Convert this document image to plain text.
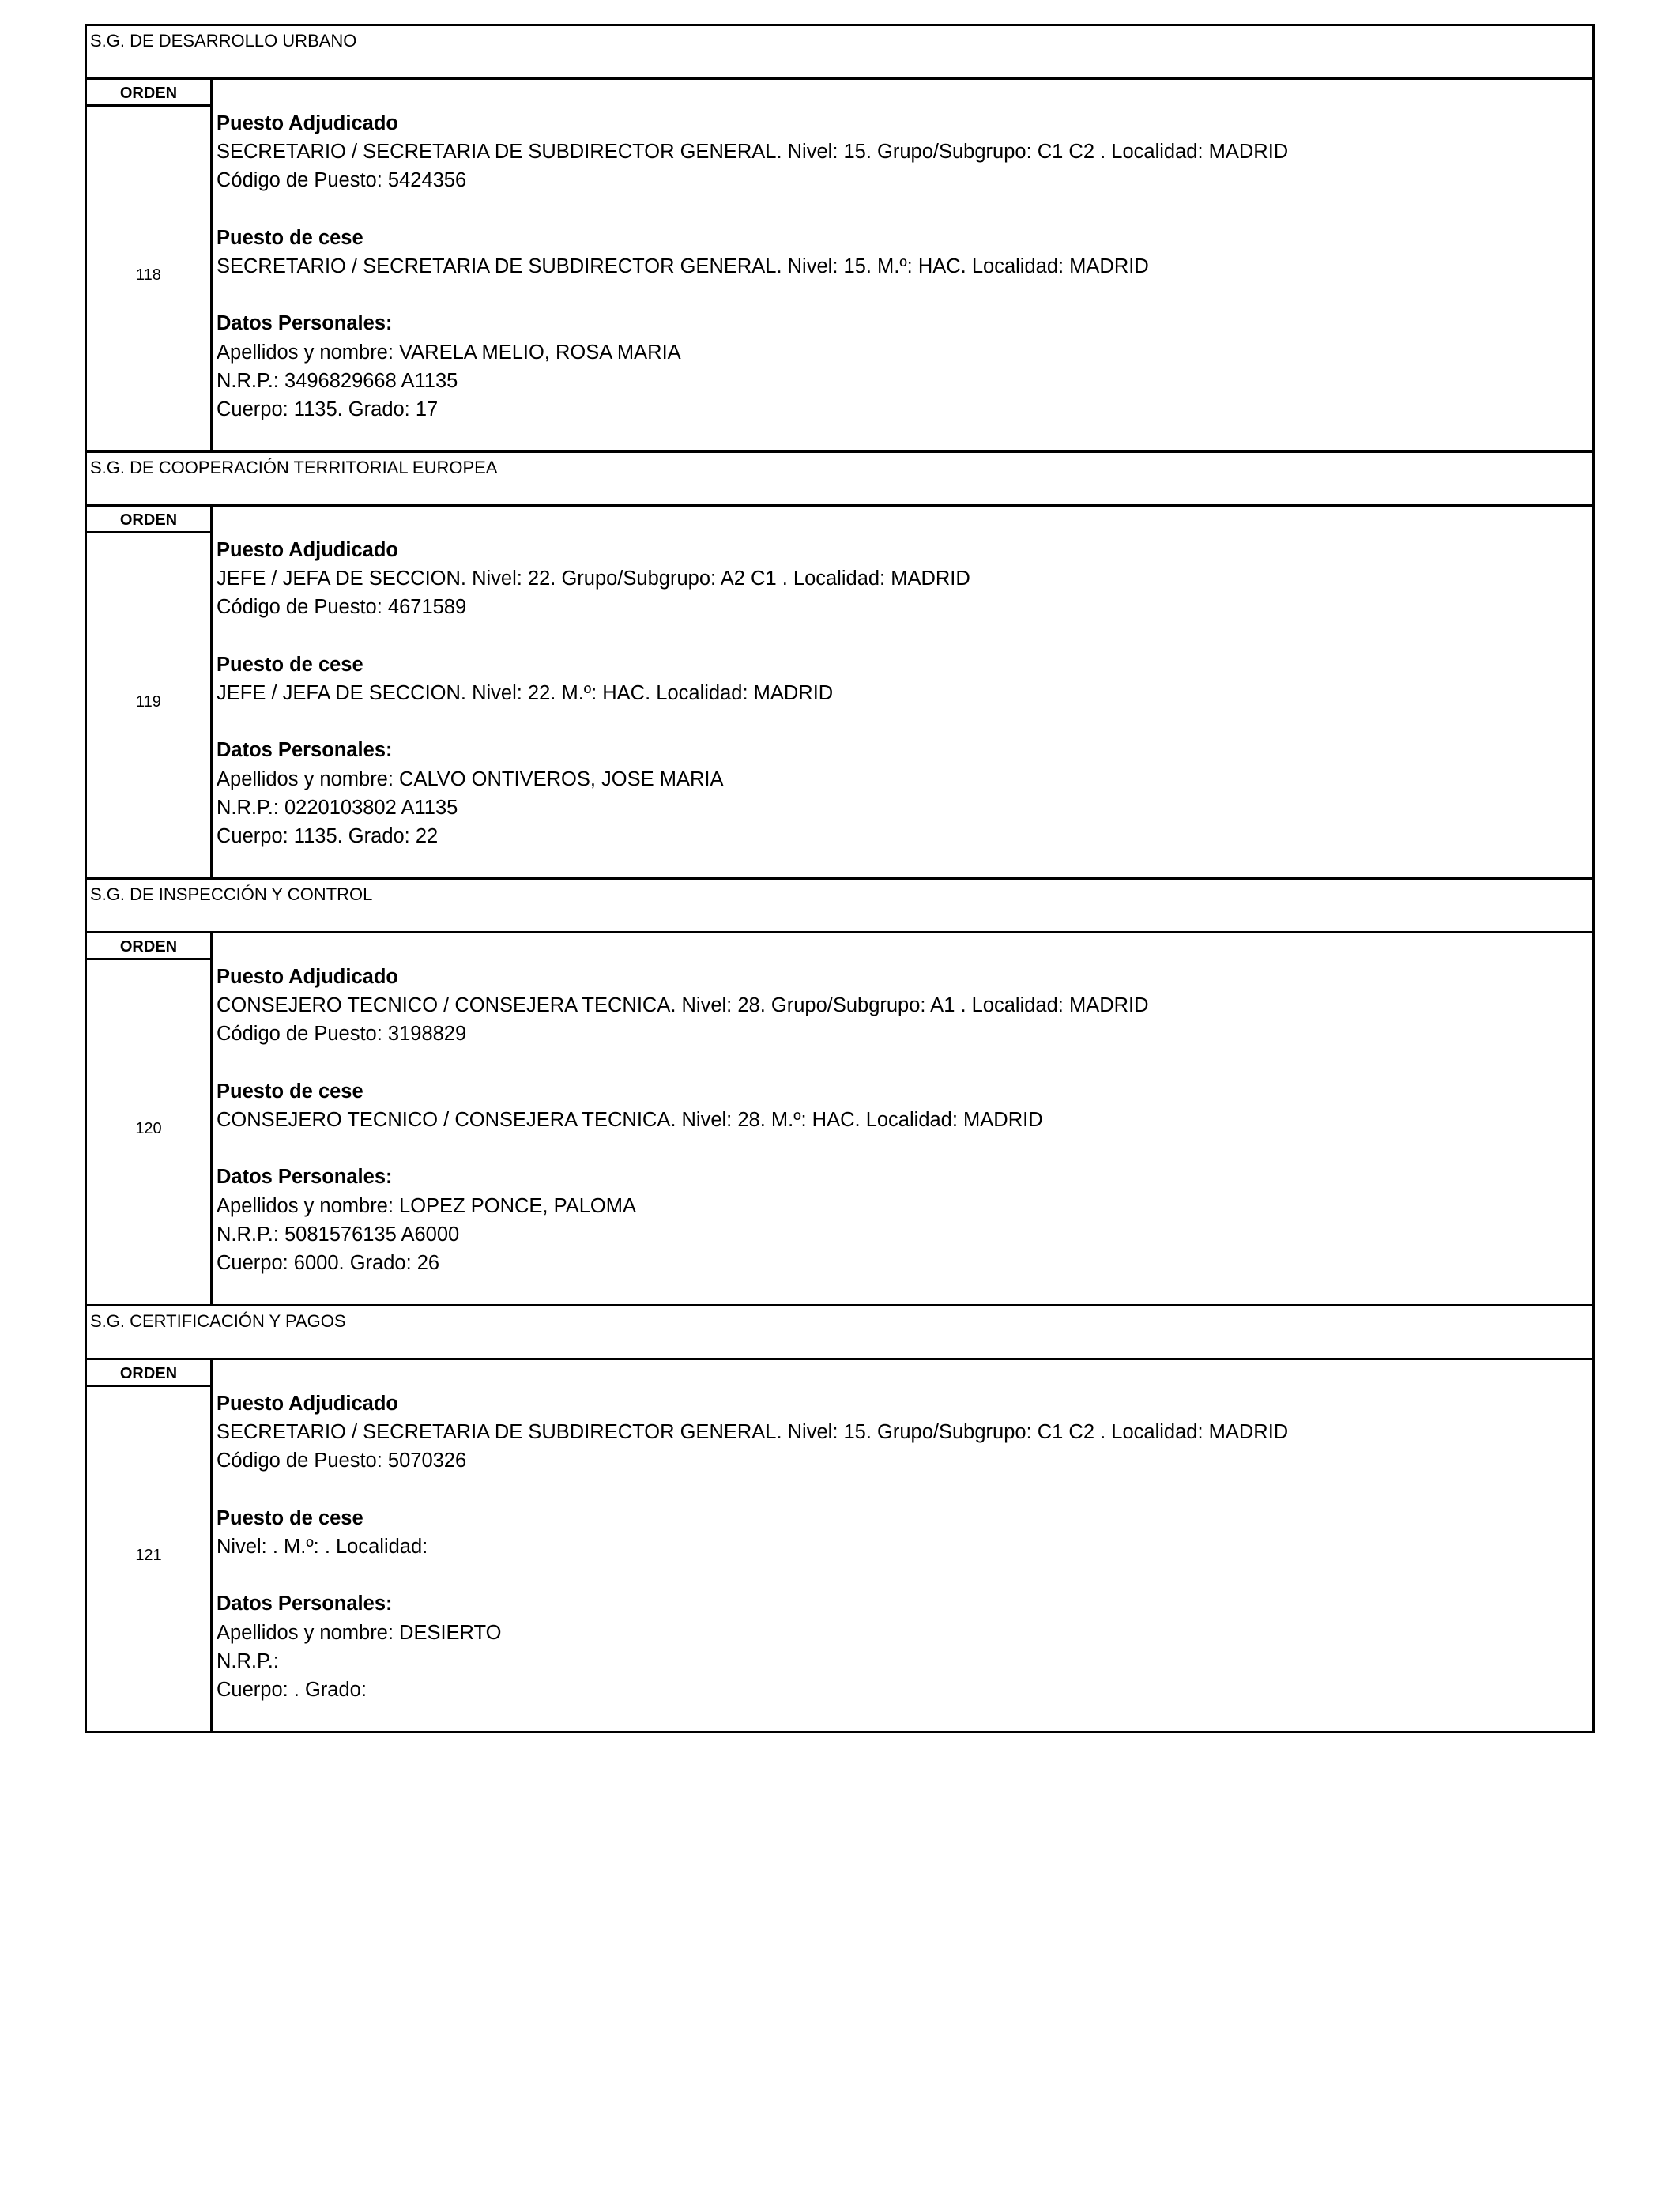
S.G. DE DESARROLLO URBANO
ORDEN
118
Puesto Adjudicado
SECRETARIO / SECRETARIA DE SUBDIRECTOR GENERAL. Nivel: 15. Grupo/Subgrupo: C1 C2 . Localidad: MADRID
Código de Puesto: 5424356
Puesto de cese
SECRETARIO / SECRETARIA DE SUBDIRECTOR GENERAL. Nivel: 15. M.º: HAC. Localidad: MADRID
Datos Personales:
Apellidos y nombre: VARELA MELIO, ROSA MARIA
N.R.P.: 3496829668 A1135
Cuerpo: 1135. Grado: 17
S.G. DE COOPERACIÓN TERRITORIAL EUROPEA
ORDEN
119
Puesto Adjudicado
JEFE / JEFA DE SECCION. Nivel: 22. Grupo/Subgrupo: A2 C1 . Localidad: MADRID
Código de Puesto: 4671589
Puesto de cese
JEFE / JEFA DE SECCION. Nivel: 22. M.º: HAC. Localidad: MADRID
Datos Personales:
Apellidos y nombre: CALVO ONTIVEROS, JOSE MARIA
N.R.P.: 0220103802 A1135
Cuerpo: 1135. Grado: 22
S.G. DE INSPECCIÓN Y CONTROL
ORDEN
120
Puesto Adjudicado
CONSEJERO TECNICO / CONSEJERA TECNICA. Nivel: 28. Grupo/Subgrupo: A1 . Localidad: MADRID
Código de Puesto: 3198829
Puesto de cese
CONSEJERO TECNICO / CONSEJERA TECNICA. Nivel: 28. M.º: HAC. Localidad: MADRID
Datos Personales:
Apellidos y nombre: LOPEZ PONCE, PALOMA
N.R.P.: 5081576135 A6000
Cuerpo: 6000. Grado: 26
S.G. CERTIFICACIÓN Y PAGOS
ORDEN
121
Puesto Adjudicado
SECRETARIO / SECRETARIA DE SUBDIRECTOR GENERAL. Nivel: 15. Grupo/Subgrupo: C1 C2 . Localidad: MADRID
Código de Puesto: 5070326
Puesto de cese
Nivel: . M.º: . Localidad:
Datos Personales:
Apellidos y nombre: DESIERTO
N.R.P.:
Cuerpo: . Grado:
